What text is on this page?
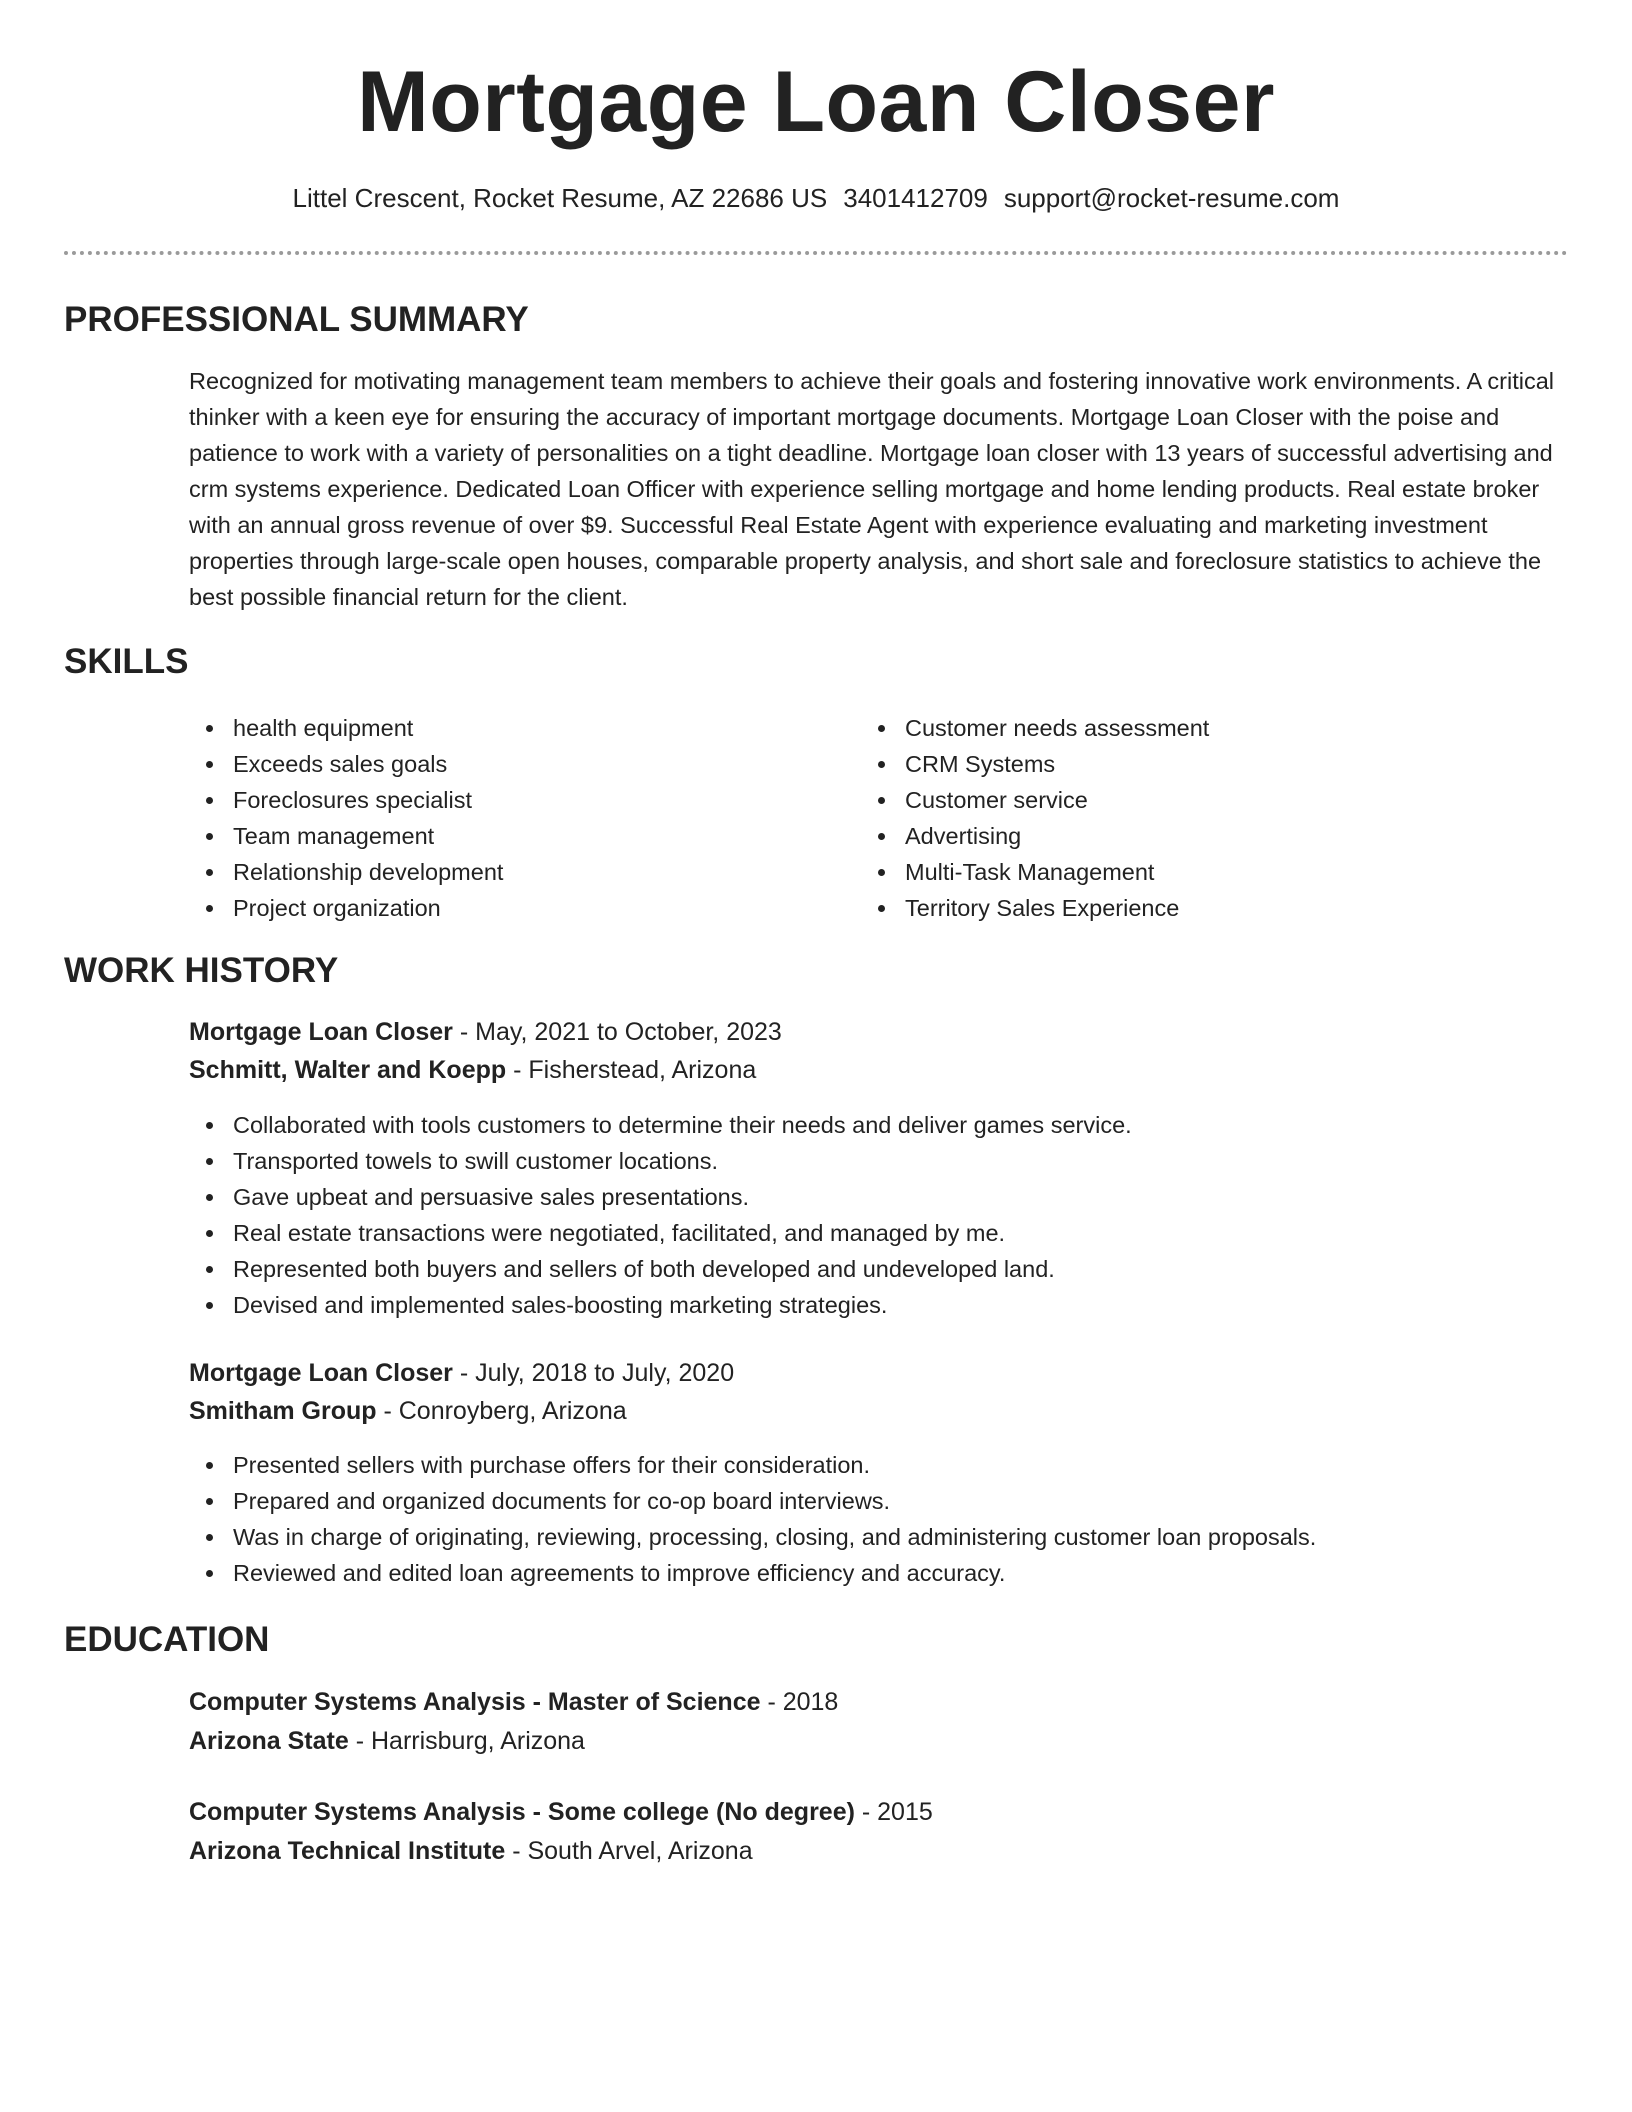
Mortgage Loan Closer
Littel Crescent, Rocket Resume, AZ 22686 US 3401412709 support@rocket-resume.com
PROFESSIONAL SUMMARY
Recognized for motivating management team members to achieve their goals and fostering innovative work environments. A critical thinker with a keen eye for ensuring the accuracy of important mortgage documents. Mortgage Loan Closer with the poise and patience to work with a variety of personalities on a tight deadline. Mortgage loan closer with 13 years of successful advertising and crm systems experience. Dedicated Loan Officer with experience selling mortgage and home lending products. Real estate broker with an annual gross revenue of over $9. Successful Real Estate Agent with experience evaluating and marketing investment properties through large-scale open houses, comparable property analysis, and short sale and foreclosure statistics to achieve the best possible financial return for the client.
SKILLS
health equipment
Exceeds sales goals
Foreclosures specialist
Team management
Relationship development
Project organization
Customer needs assessment
CRM Systems
Customer service
Advertising
Multi-Task Management
Territory Sales Experience
WORK HISTORY
Mortgage Loan Closer - May, 2021 to October, 2023
Schmitt, Walter and Koepp - Fisherstead, Arizona
Collaborated with tools customers to determine their needs and deliver games service.
Transported towels to swill customer locations.
Gave upbeat and persuasive sales presentations.
Real estate transactions were negotiated, facilitated, and managed by me.
Represented both buyers and sellers of both developed and undeveloped land.
Devised and implemented sales-boosting marketing strategies.
Mortgage Loan Closer - July, 2018 to July, 2020
Smitham Group - Conroyberg, Arizona
Presented sellers with purchase offers for their consideration.
Prepared and organized documents for co-op board interviews.
Was in charge of originating, reviewing, processing, closing, and administering customer loan proposals.
Reviewed and edited loan agreements to improve efficiency and accuracy.
EDUCATION
Computer Systems Analysis - Master of Science - 2018
Arizona State - Harrisburg, Arizona
Computer Systems Analysis - Some college (No degree) - 2015
Arizona Technical Institute - South Arvel, Arizona
